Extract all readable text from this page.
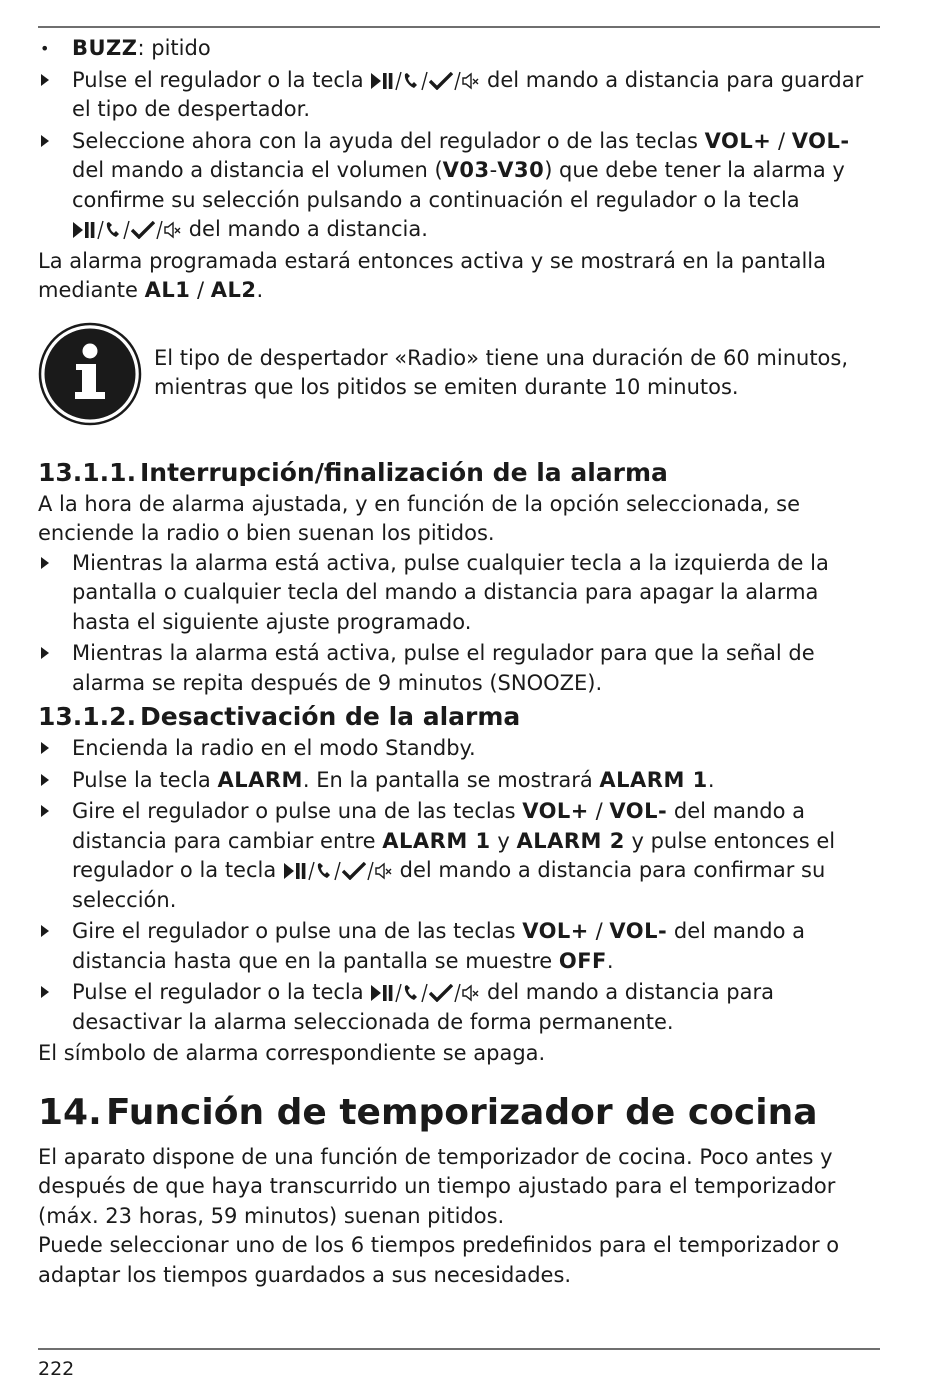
•	BUZZ: pitido

Pulse el regulador o la tecla	del mando a distancia para guardar el tipo de despertador.

Seleccione ahora con la ayuda del regulador o de las teclas VOL+ / VOL- del mando a distancia el volumen (V03-V30) que debe tener la alarma y confirme su selección pulsando a continuación el regulador o la tecla
del mando a distancia.

La alarma programada estará entonces activa y se mostrará en la pantalla mediante AL1 / AL2.

El tipo de despertador «Radio» tiene una duración de 60 minutos, mientras que los pitidos se emiten durante 10 minutos.

13.1.1. Interrupción/finalización de la alarma

A la hora de alarma ajustada, y en función de la opción seleccionada, se enciende la radio o bien suenan los pitidos.

Mientras la alarma está activa, pulse cualquier tecla a la izquierda de la pantalla o cualquier tecla del mando a distancia para apagar la alarma hasta el siguiente ajuste programado.

Mientras la alarma está activa, pulse el regulador para que la señal de alarma se repita después de 9 minutos (SNOOZE).

13.1.2. Desactivación de la alarma

Encienda la radio en el modo Standby.

Pulse la tecla ALARM. En la pantalla se mostrará ALARM 1.

Gire el regulador o pulse una de las teclas VOL+ / VOL- del mando a distancia para cambiar entre ALARM 1 y ALARM 2 y pulse entonces el regulador o la tecla	del mando a distancia para confirmar su selección.

Gire el regulador o pulse una de las teclas VOL+ / VOL- del mando a distancia hasta que en la pantalla se muestre OFF.

Pulse el regulador o la tecla	del mando a distancia para desactivar la alarma seleccionada de forma permanente.

El símbolo de alarma correspondiente se apaga.

14. Función de temporizador de cocina

El aparato dispone de una función de temporizador de cocina. Poco antes y después de que haya transcurrido un tiempo ajustado para el temporizador (máx. 23 horas, 59 minutos) suenan pitidos.

Puede seleccionar uno de los 6 tiempos predefinidos para el temporizador o adaptar los tiempos guardados a sus necesidades.

222
